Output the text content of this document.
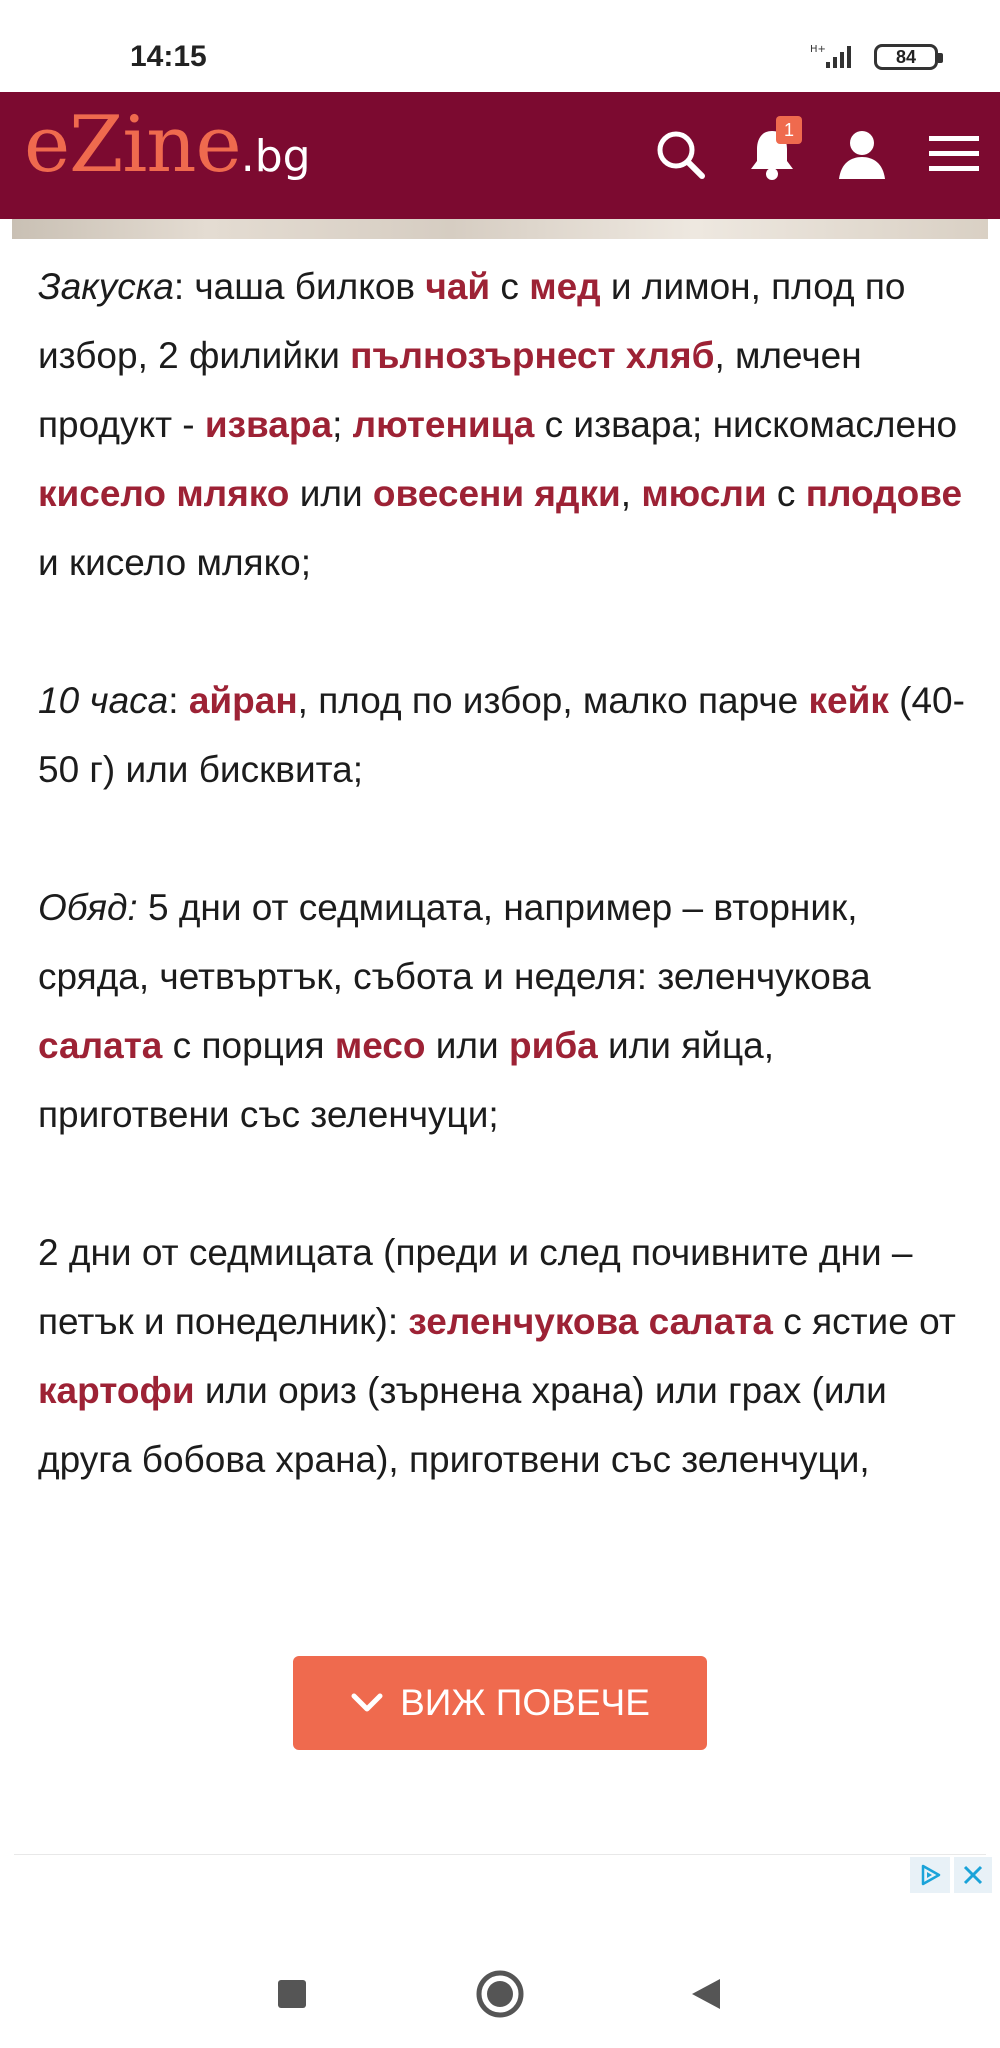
14:15	H+	84
eZine.bg
1

Закуска: чаша билков чай с мед и лимон, плод по избор, 2 филийки пълнозърнест хляб, млечен продукт - извара; лютеница с извара; нискомаслено кисело мляко или овесени ядки, мюсли с плодове и кисело мляко;

10 часа: айран, плод по избор, малко парче кейк (40-50 г) или бисквита;

Обяд: 5 дни от седмицата, например – вторник, сряда, четвъртък, събота и неделя: зеленчукова салата с порция месо или риба или яйца, приготвени със зеленчуци;

2 дни от седмицата (преди и след почивните дни – петък и понеделник): зеленчукова салата с ястие от картофи или ориз (зърнена храна) или грах (или друга бобова храна), приготвени със зеленчуци,

ВИЖ ПОВЕЧЕ
